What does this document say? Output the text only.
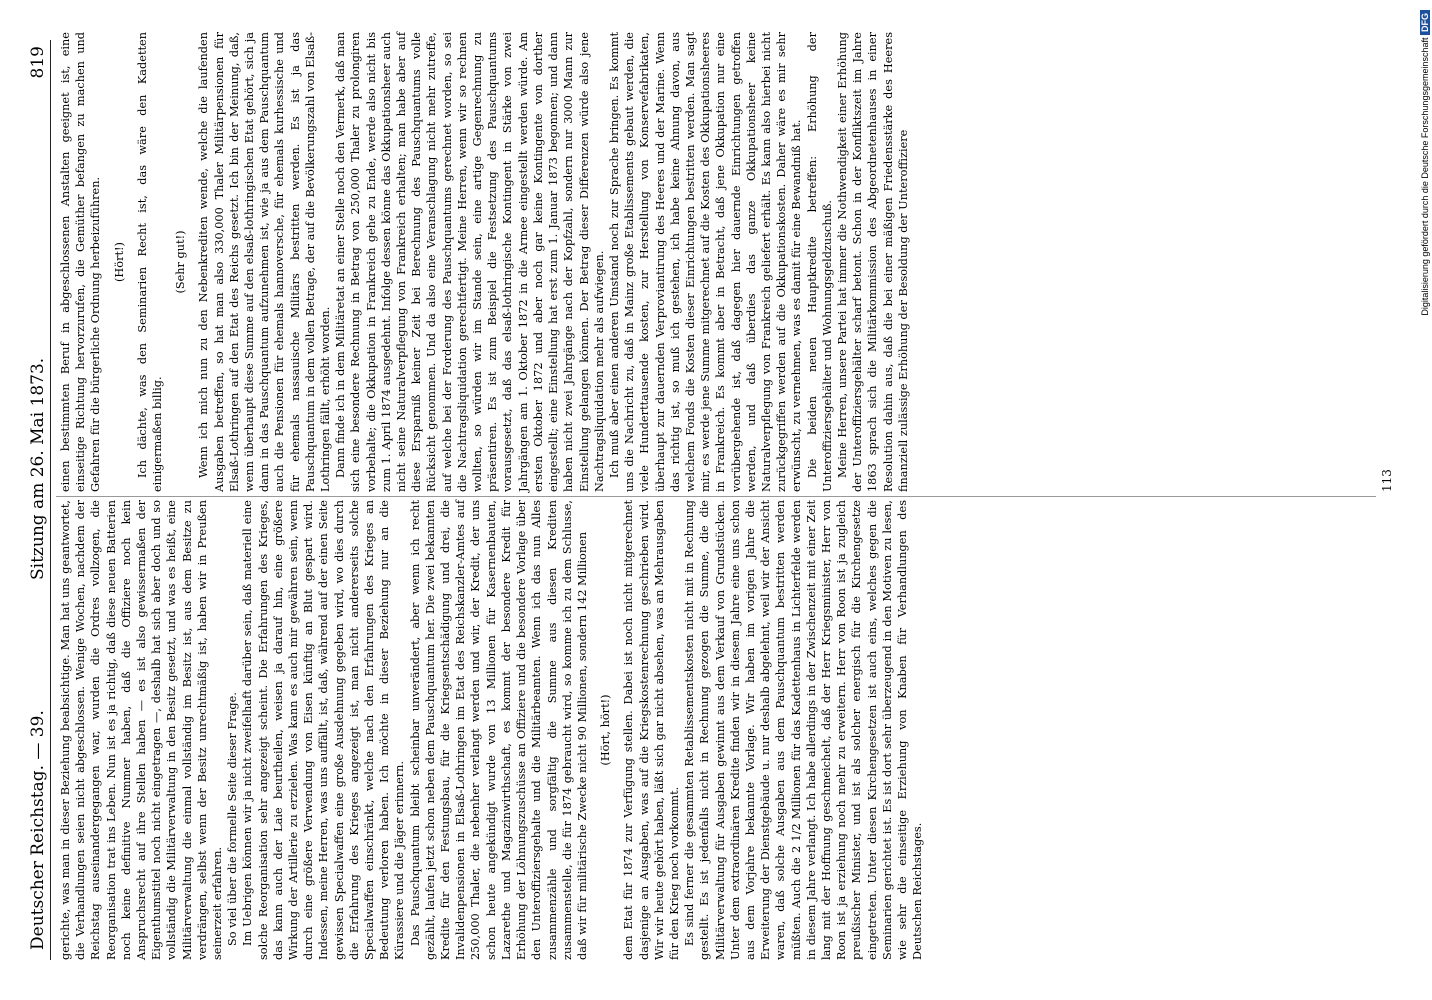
Deutscher Reichstag. — 39.
Sitzung am 26. Mai 1873.
819

gerichte, was man in dieser Beziehung beabsichtige. Man hat uns geantwortet, die Verhandlungen seien nicht abgeschlossen. Wenige Wochen, nachdem der Reichstag auseinandergegangen war, wurden die Ordres vollzogen, die Reorganisation trat ins Leben. Nun ist es ja richtig, daß diese neuen Batterien noch keine definitive Nummer haben, daß die Offiziere noch kein Anspruchsrecht auf ihre Stellen haben — es ist also gewissermaßen der Eigenthumstitel noch nicht eingetragen —, deshalb hat sich aber doch und so vollständig die Militärverwaltung in den Besitz gesetzt, und was es heißt, eine Militärverwaltung die einmal vollständig im Besitz ist, aus dem Besitze zu verdrängen, selbst wenn der Besitz unrechtmäßig ist, haben wir in Preußen seinerzeit erfahren. So viel über die formelle Seite dieser Frage. Im Uebrigen können wir ja nicht zweifelhaft darüber sein, daß materiell eine solche Reorganisation sehr angezeigt scheint. Die Erfahrungen des Krieges, das kann auch der Laie beurtheilen, weisen ja darauf hin, eine größere Wirkung der Artillerie zu erzielen. Was kann es auch mir gewähren sein, wenn durch eine größere Verwendung von Eisen künftig an Blut gespart wird. Indessen, meine Herren, was uns auffällt, ist, daß, während auf der einen Seite gewissen Specialwaffen eine große Ausdehnung gegeben wird, wo dies durch die Erfahrung des Krieges angezeigt ist, man nicht andererseits solche Specialwaffen einschränkt, welche nach den Erfahrungen des Krieges an Bedeutung verloren haben. Ich möchte in dieser Beziehung nur an die Kürassiere und die Jäger erinnern. Das Pauschquantum bleibt scheinbar unverändert, aber wenn ich recht gezählt, laufen jetzt schon neben dem Pauschquantum her. Die zwei bekannten Kredite für den Festungsbau, für die Kriegsentschädigung und drei, die Invalidenpensionen in Elsaß-Lothringen im Etat des Reichskanzler-Amtes auf 250,000 Thaler, die nebenher verlangt werden und wir, der Kredit, der uns schon heute angekündigt wurde von 13 Millionen für Kasernenbauten, Lazarethe und Magazinwirthschaft, es kommt der besondere Kredit für Erhöhung der Löhnungszuschüsse an Offiziere und die besondere Vorlage über den Unteroffiziersgehalte und die Militärbeamten. Wenn ich das nun Alles zusammenzähle und sorgfältig die Summe aus diesen Krediten zusammenstelle, die für 1874 gebraucht wird, so komme ich zu dem Schlusse, daß wir für militärische Zwecke nicht 90 Millionen, sondern 142 Millionen (Hört, hört!) dem Etat für 1874 zur Verfügung stellen. Dabei ist noch nicht mitgerechnet dasjenige an Ausgaben, was auf die Kriegskostenrechnung geschrieben wird. Wir wir heute gehört haben, läßt sich gar nicht absehen, was an Mehrausgaben für den Krieg noch vorkommt. Es sind ferner die gesammten Retablissementskosten nicht mit in Rechnung gestellt. Es ist jedenfalls nicht in Rechnung gezogen die Summe, die die Militärverwaltung für Ausgaben gewinnt aus dem Verkauf von Grundstücken. Unter dem extraordinären Kredite finden wir in diesem Jahre eine uns schon aus dem Vorjahre bekannte Vorlage. Wir haben im vorigen Jahre die Erweiterung der Dienstgebäude u. nur deshalb abgelehnt, weil wir der Ansicht waren, daß solche Ausgaben aus dem Pauschquantum bestritten werden müßten. Auch die 2 1/2 Millionen für das Kadettenhaus in Lichterfelde werden in diesem Jahre verlangt. Ich habe allerdings in der Zwischenzeit mit einer Zeit lang mit der Hoffnung geschmeichelt, daß der Herr Kriegsminister, Herr von Roon ist ja erziehung noch mehr zu erweitern. Herr von Roon ist ja zugleich preußischer Minister, und ist als solcher energisch für die Kirchengesetze eingetreten. Unter diesen Kirchengesetzen ist auch eins, welches gegen die Seminarien gerichtet ist. Es ist dort sehr überzeugend in den Motiven zu lesen, wie sehr die einseitige Erziehung von Knaben für Verhandlungen des Deutschen Reichstages.

einen bestimmten Beruf in abgeschlossenen Anstalten geeignet ist, eine einseitige Richtung hervorzurufen, die Gemüther befangen zu machen und Gefahren für die bürgerliche Ordnung herbeizuführen. (Hört!) Ich dächte, was den Seminarien Recht ist, das wäre den Kadetten einigermaßen billig.

(Sehr gut!) Wenn ich mich nun zu den Nebenkrediten wende, welche die laufenden Ausgaben betreffen, so hat man also 330,000 Thaler Militärpensionen für Elsaß-Lothringen auf den Etat des Reichs gesetzt. Ich bin der Meinung, daß, wenn überhaupt diese Summe auf den elsaß-lothringischen Etat gehört, sich ja dann in das Pauschquantum aufzunehmen ist, wie ja aus dem Pauschquantum auch die Pensionen für ehemals hannoversche, für ehemals kurhessische und für ehemals nassauische Militärs bestritten werden. Es ist ja das Pauschquantum in dem vollen Betrage, der auf die Bevölkerungszahl von Elsaß-Lothringen fällt, erhöht worden. Dann finde ich in dem Militäretat an einer Stelle noch den Vermerk, daß man sich eine besondere Rechnung in Betrag von 250,000 Thaler zu prolongiren vorbehalte; die Okkupation in Frankreich gehe zu Ende, werde also nicht bis zum 1. April 1874 ausgedehnt. Infolge dessen könne das Okkupationsheer auch nicht seine Naturalverpflegung von Frankreich erhalten; man habe aber auf diese Ersparniß keiner Zeit bei Berechnung des Pauschquantums volle Rücksicht genommen. Und da also eine Veranschlagung nicht mehr zutreffe, auf welche bei der Forderung des Pauschquantums gerechnet worden, so sei die Nachtragsliquidation gerechtfertigt. Meine Herren, wenn wir so rechnen wollten, so würden wir im Stande sein, eine artige Gegenrechnung zu präsentiren. Es ist zum Beispiel die Festsetzung des Pauschquantums vorausgesetzt, daß das elsaß-lothringische Kontingent in Stärke von zwei Jahrgängen am 1. Oktober 1872 in die Armee eingestellt werden würde. Am ersten Oktober 1872 und aber noch gar keine Kontingente von dorther eingestellt; eine Einstellung hat erst zum 1. Januar 1873 begonnen; und dann haben nicht zwei Jahrgänge nach der Kopfzahl, sondern nur 3000 Mann zur Einstellung gelangen können. Der Betrag dieser Differenzen würde also jene Nachtragsliquidation mehr als aufwiegen. Ich muß aber einen anderen Umstand noch zur Sprache bringen. Es kommt uns die Nachricht zu, daß in Mainz große Etablissements gebaut werden, die viele Hunderttausende kosten, zur Herstellung von Konservefabrikaten, überhaupt zur dauernden Verproviantirung des Heeres und der Marine. Wenn das richtig ist, so muß ich gestehen, ich habe keine Ahnung davon, aus welchem Fonds die Kosten dieser Einrichtungen bestritten werden. Man sagt mir, es werde jene Summe mitgerechnet auf die Kosten des Okkupationsheeres in Frankreich. Es kommt aber in Betracht, daß jene Okkupation nur eine vorübergehende ist, daß dagegen hier dauernde Einrichtungen getroffen werden, und daß überdies das ganze Okkupationsheer keine Naturalverpflegung von Frankreich geliefert erhält. Es kann also hierbei nicht zurückgegriffen werden auf die Okkupationskosten. Daher wäre es mir sehr erwünscht, zu vernehmen, was es damit für eine Bewandniß hat. Die beiden neuen Hauptkredite betreffen: Erhöhung der Unteroffiziersgehälter und Wohnungsgeldzuschuß. Meine Herren, unsere Partei hat immer die Nothwendigkeit einer Erhöhung der Unteroffiziersgehälter scharf betont. Schon in der Konfliktszeit im Jahre 1863 sprach sich die Militärkommission des Abgeordnetenhauses in einer Resolution dahin aus, daß die bei einer mäßigen Friedensstärke des Heeres finanziell zulässige Erhöhung der Besoldung der Unteroffiziere	113
Digitalisierung gefördert durch die Deutsche Forschungsgemeinschaft DFG
